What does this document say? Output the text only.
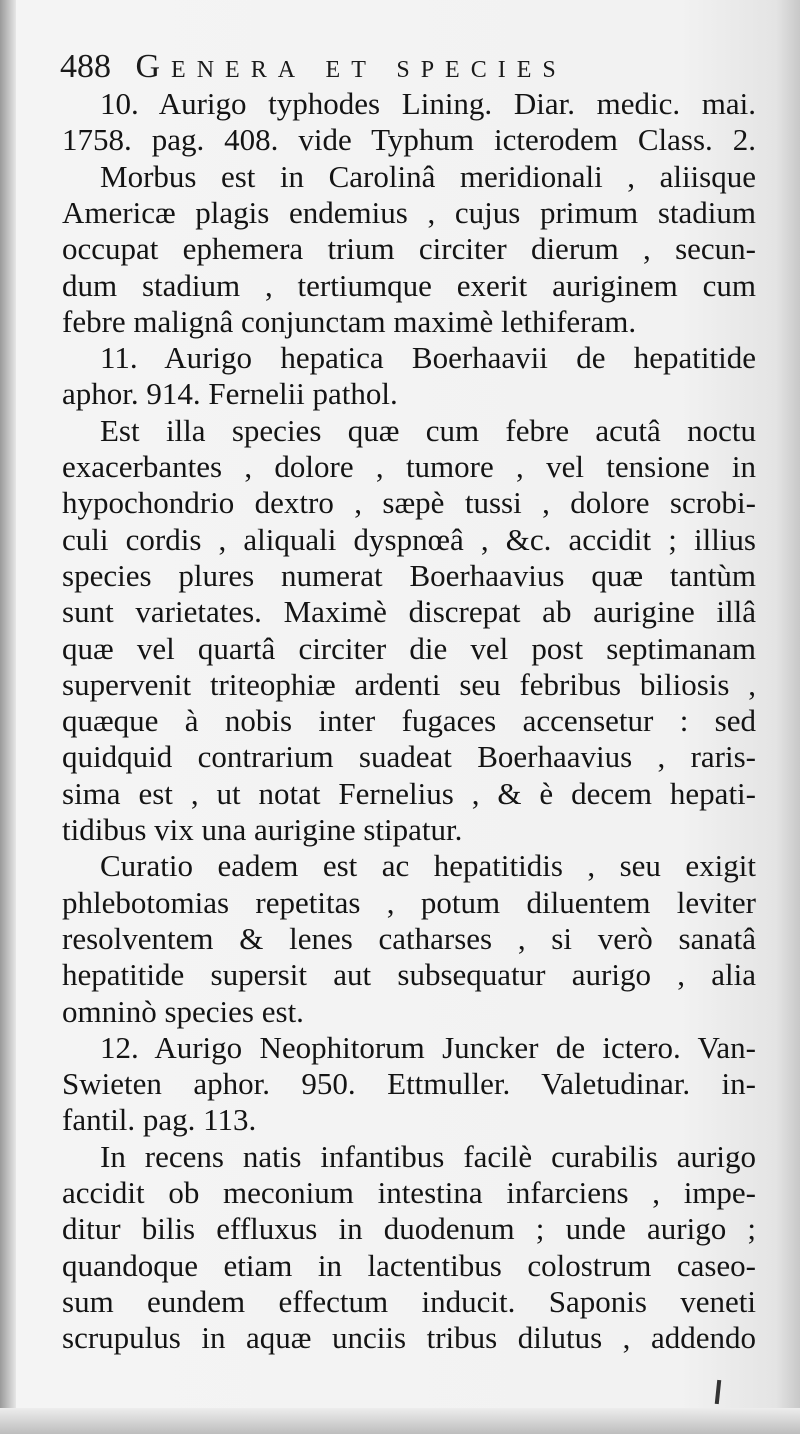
488 Genera et species
10. Aurigo typhodes Lining. Diar. medic. mai.
1758. pag. 408. vide Typhum icterodem Class. 2.
Morbus est in Carolinâ meridionali , aliisque
Americæ plagis endemius , cujus primum stadium
occupat ephemera trium circiter dierum , secun-
dum stadium , tertiumque exerit auriginem cum
febre malignâ conjunctam maximè lethiferam.
11. Aurigo hepatica Boerhaavii de hepatitide
aphor. 914. Fernelii pathol.
Est illa species quæ cum febre acutâ noctu
exacerbantes , dolore , tumore , vel tensione in
hypochondrio dextro , sæpè tussi , dolore scrobi-
culi cordis , aliquali dyspnœâ , &c. accidit ; illius
species plures numerat Boerhaavius quæ tantùm
sunt varietates. Maximè discrepat ab aurigine illâ
quæ vel quartâ circiter die vel post septimanam
supervenit triteophiæ ardenti seu febribus biliosis ,
quæque à nobis inter fugaces accensetur : sed
quidquid contrarium suadeat Boerhaavius , raris-
sima est , ut notat Fernelius , & è decem hepati-
tidibus vix una aurigine stipatur.
Curatio eadem est ac hepatitidis , seu exigit
phlebotomias repetitas , potum diluentem leviter
resolventem & lenes catharses , si verò sanatâ
hepatitide supersit aut subsequatur aurigo , alia
omninò species est.
12. Aurigo Neophitorum Juncker de ictero. Van-
Swieten aphor. 950. Ettmuller. Valetudinar. in-
fantil. pag. 113.
In recens natis infantibus facilè curabilis aurigo
accidit ob meconium intestina infarciens , impe-
ditur bilis effluxus in duodenum ; unde aurigo ;
quandoque etiam in lactentibus colostrum caseo-
sum eundem effectum inducit. Saponis veneti
scrupulus in aquæ unciis tribus dilutus , addendo
